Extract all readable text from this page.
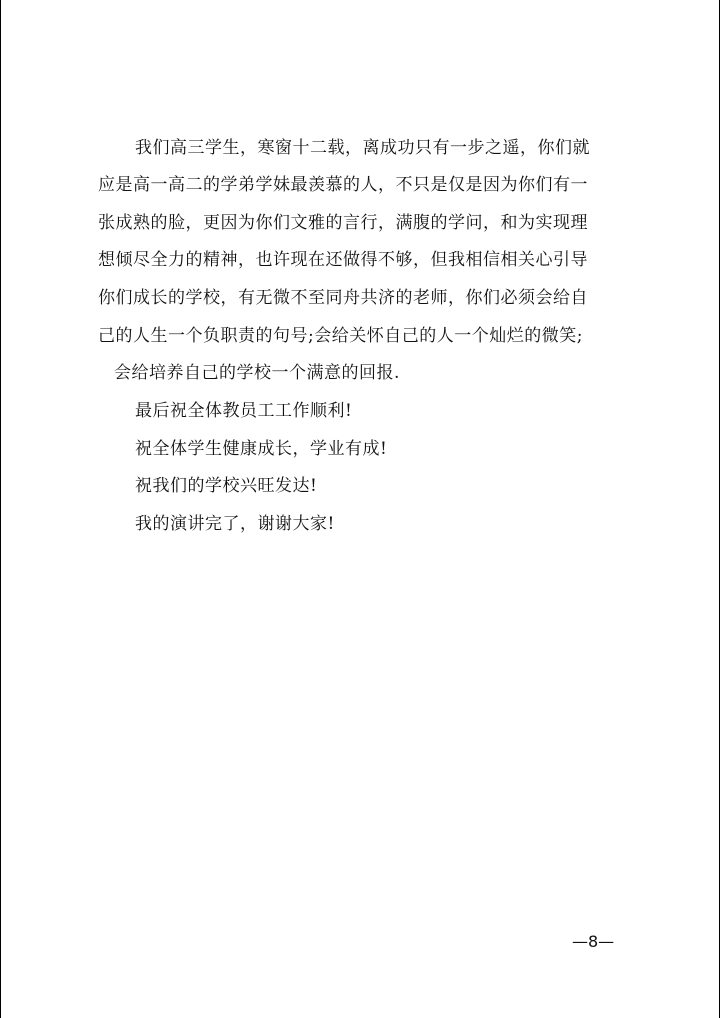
我们高三学生，寒窗十二载，离成功只有一步之遥，你们就
应是高一高二的学弟学妹最羡慕的人，不只是仅是因为你们有一
张成熟的脸，更因为你们文雅的言行，满腹的学问，和为实现理
想倾尽全力的精神，也许现在还做得不够，但我相信相关心引导
你们成长的学校，有无微不至同舟共济的老师，你们必须会给自
己的人生一个负职责的句号;会给关怀自己的人一个灿烂的微笑;
会给培养自己的学校一个满意的回报.
最后祝全体教员工工作顺利!
祝全体学生健康成长，学业有成!
祝我们的学校兴旺发达!
我的演讲完了，谢谢大家!
—8—
